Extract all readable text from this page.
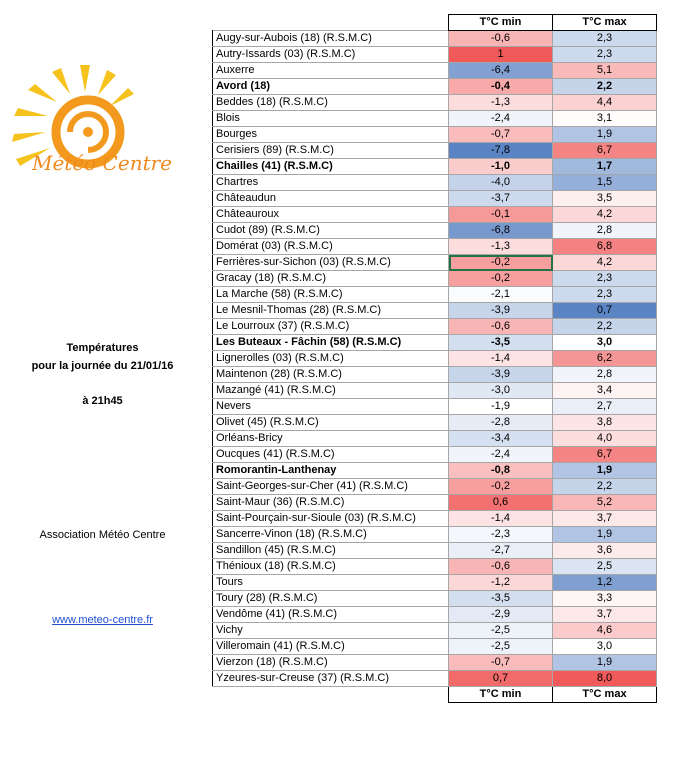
Météo Centre
Températures
pour la journée du 21/01/16
à 21h45
Association Météo Centre
www.meteo-centre.fr
	T°C min	T°C max
Augy-sur-Aubois (18) (R.S.M.C)	-0,6	2,3
Autry-Issards (03) (R.S.M.C)	1	2,3
Auxerre	-6,4	5,1
Avord (18)	-0,4	2,2
Beddes (18) (R.S.M.C)	-1,3	4,4
Blois	-2,4	3,1
Bourges	-0,7	1,9
Cerisiers (89) (R.S.M.C)	-7,8	6,7
Chailles (41) (R.S.M.C)	-1,0	1,7
Chartres	-4,0	1,5
Châteaudun	-3,7	3,5
Châteauroux	-0,1	4,2
Cudot (89) (R.S.M.C)	-6,8	2,8
Domérat (03) (R.S.M.C)	-1,3	6,8
Ferrières-sur-Sichon (03) (R.S.M.C)	-0,2	4,2
Gracay (18) (R.S.M.C)	-0,2	2,3
La Marche (58) (R.S.M.C)	-2,1	2,3
Le Mesnil-Thomas (28) (R.S.M.C)	-3,9	0,7
Le Lourroux (37) (R.S.M.C)	-0,6	2,2
Les Buteaux - Fâchin (58) (R.S.M.C)	-3,5	3,0
Lignerolles (03) (R.S.M.C)	-1,4	6,2
Maintenon (28) (R.S.M.C)	-3,9	2,8
Mazangé (41) (R.S.M.C)	-3,0	3,4
Nevers	-1,9	2,7
Olivet (45) (R.S.M.C)	-2,8	3,8
Orléans-Bricy	-3,4	4,0
Oucques (41) (R.S.M.C)	-2,4	6,7
Romorantin-Lanthenay	-0,8	1,9
Saint-Georges-sur-Cher (41) (R.S.M.C)	-0,2	2,2
Saint-Maur (36) (R.S.M.C)	0,6	5,2
Saint-Pourçain-sur-Sioule (03) (R.S.M.C)	-1,4	3,7
Sancerre-Vinon (18) (R.S.M.C)	-2,3	1,9
Sandillon (45) (R.S.M.C)	-2,7	3,6
Thénioux (18) (R.S.M.C)	-0,6	2,5
Tours	-1,2	1,2
Toury (28) (R.S.M.C)	-3,5	3,3
Vendôme (41) (R.S.M.C)	-2,9	3,7
Vichy	-2,5	4,6
Villeromain (41) (R.S.M.C)	-2,5	3,0
Vierzon (18) (R.S.M.C)	-0,7	1,9
Yzeures-sur-Creuse (37) (R.S.M.C)	0,7	8,0
	T°C min	T°C max
